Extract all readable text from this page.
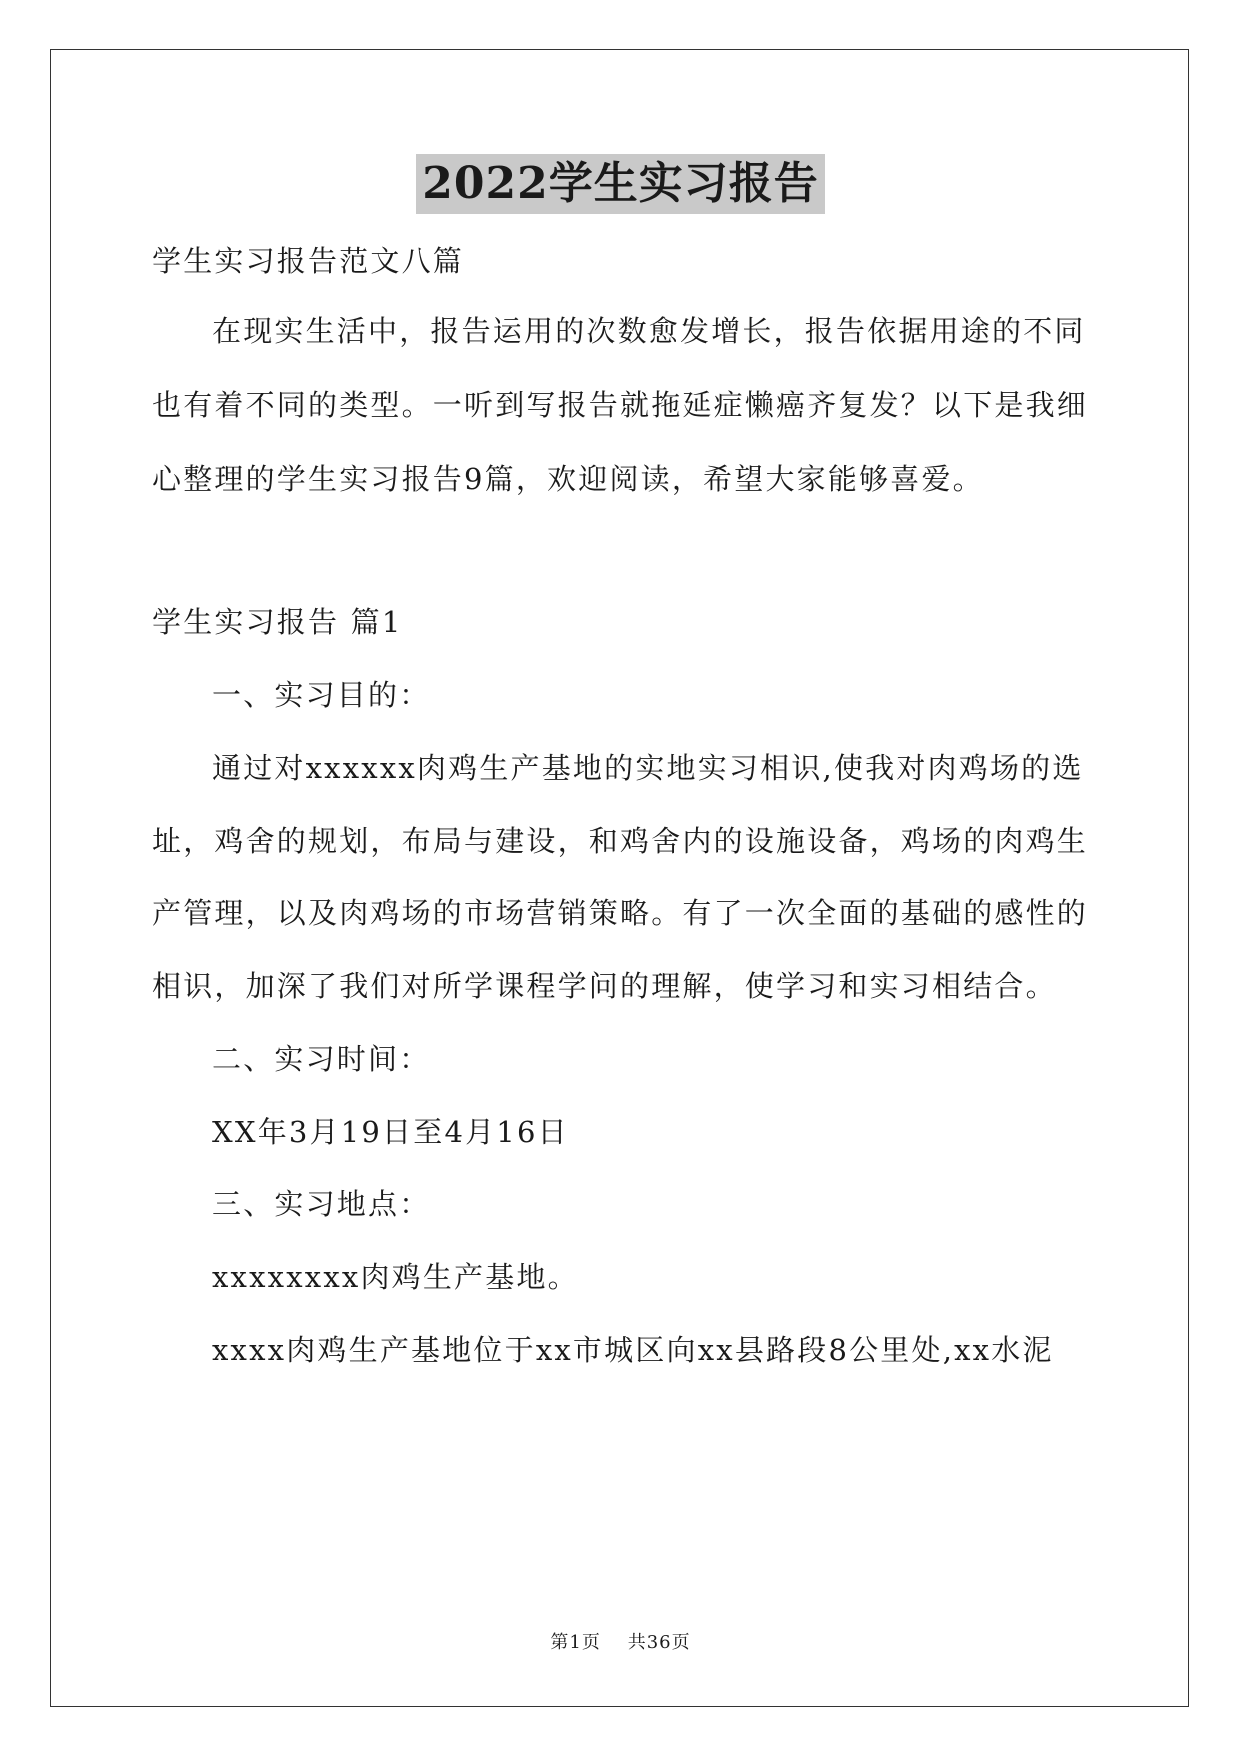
2022学生实习报告

学生实习报告范文八篇

在现实生活中，报告运用的次数愈发增长，报告依据用途的不同

也有着不同的类型。一听到写报告就拖延症懒癌齐复发？以下是我细

心整理的学生实习报告9篇，欢迎阅读，希望大家能够喜爱。

学生实习报告 篇1

一、实习目的：

通过对xxxxxx肉鸡生产基地的实地实习相识,使我对肉鸡场的选

址，鸡舍的规划，布局与建设，和鸡舍内的设施设备，鸡场的肉鸡生

产管理，以及肉鸡场的市场营销策略。有了一次全面的基础的感性的

相识，加深了我们对所学课程学问的理解，使学习和实习相结合。

二、实习时间：

XX年3月19日至4月16日

三、实习地点：

xxxxxxxx肉鸡生产基地。

xxxx肉鸡生产基地位于xx市城区向xx县路段8公里处,xx水泥

第1页 共36页
